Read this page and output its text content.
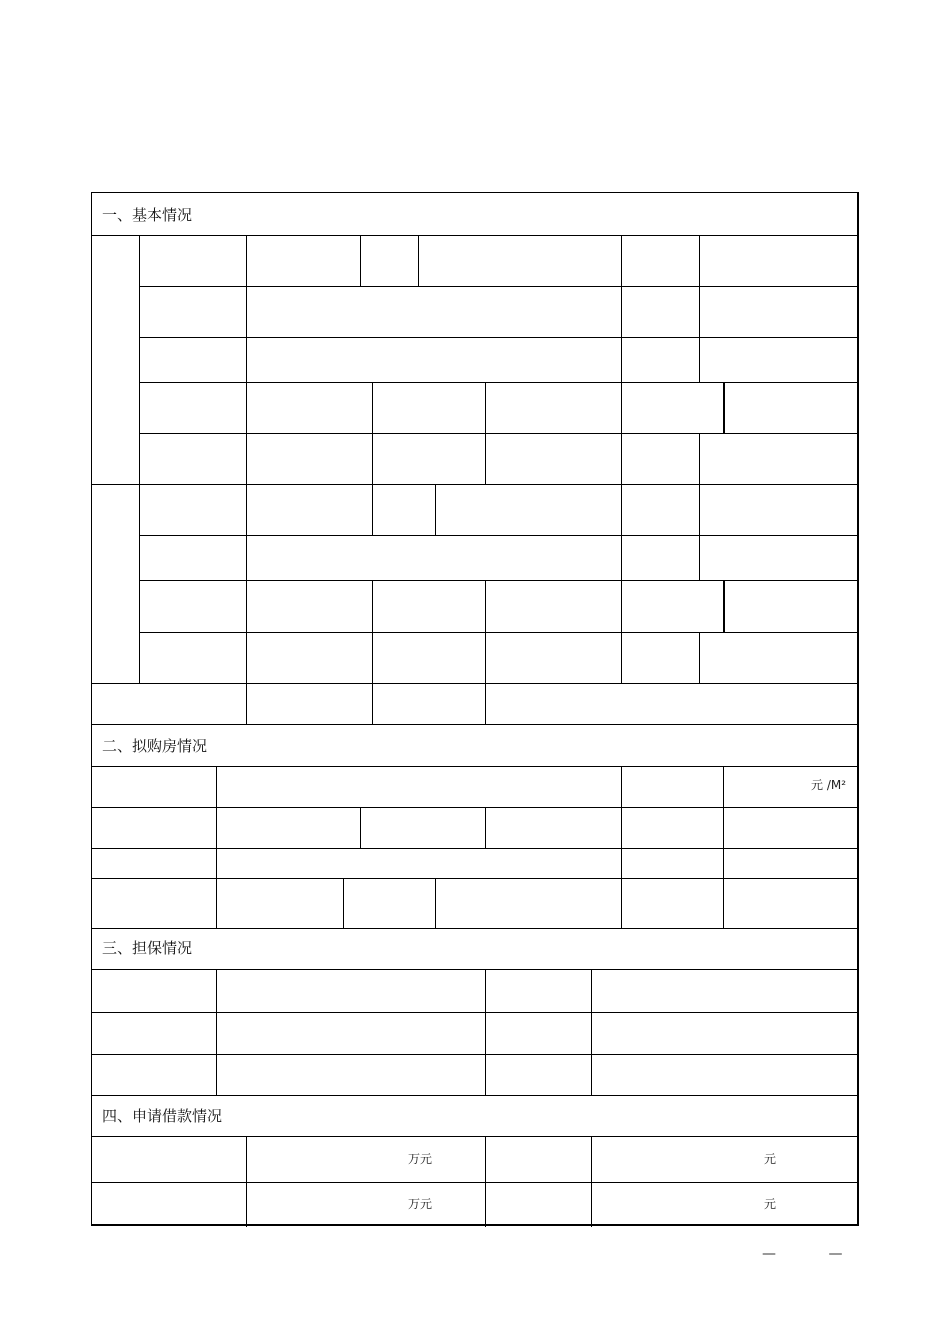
一、基本情况
二、拟购房情况
三、担保情况
四、申请借款情况
元 /M²
万元	元
万元	元
— —
